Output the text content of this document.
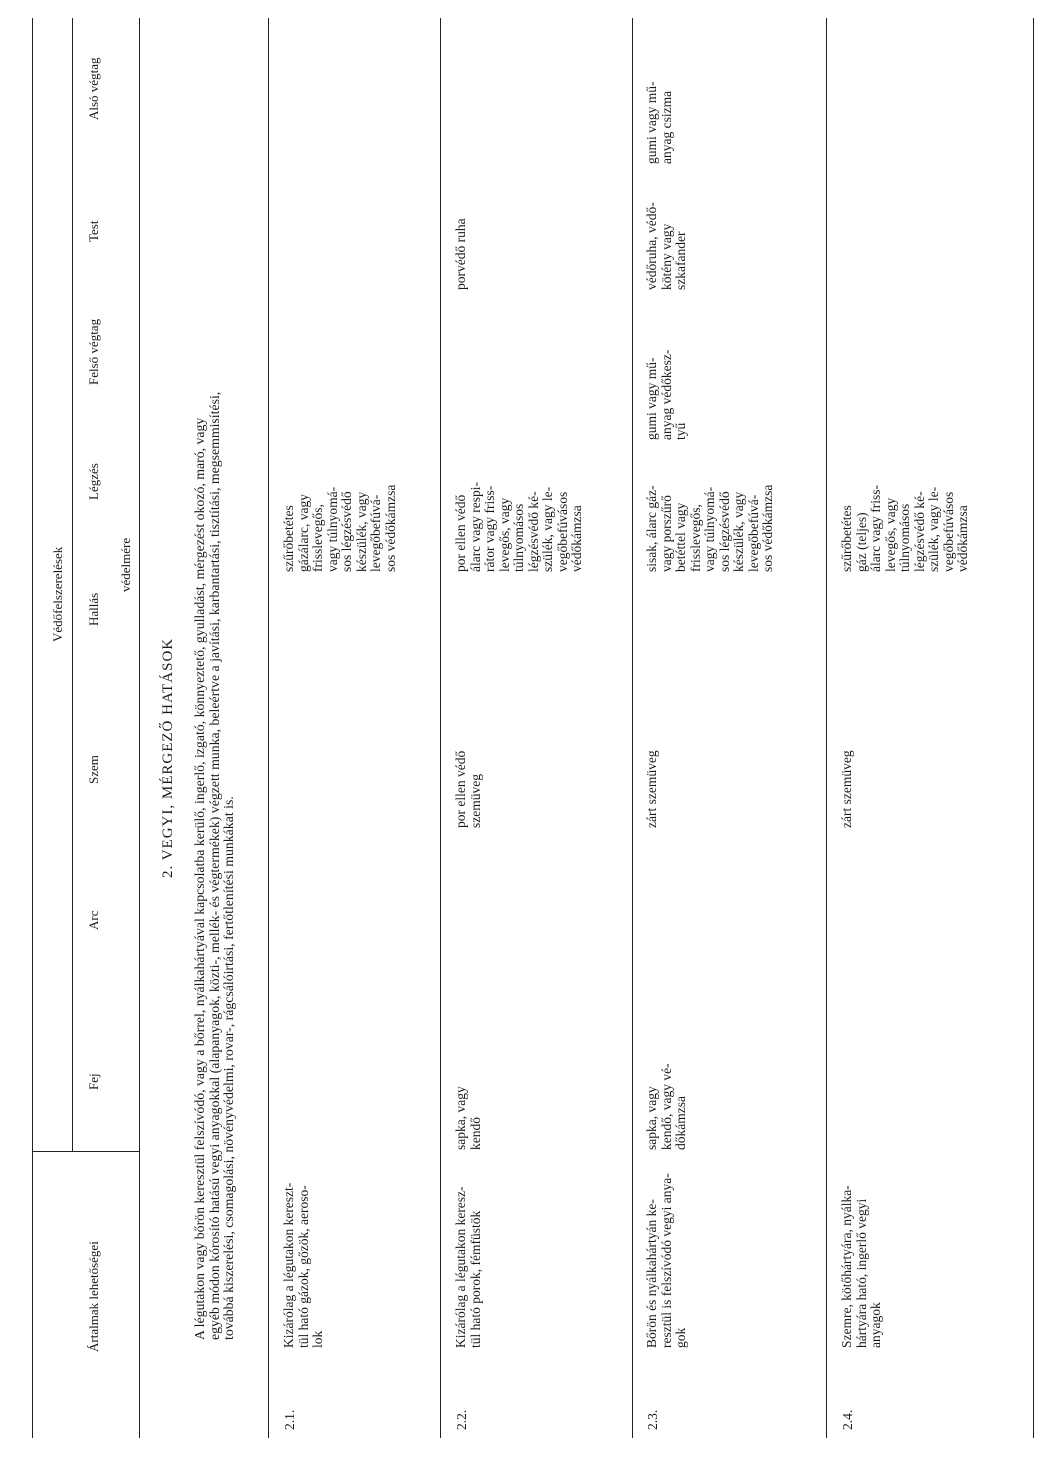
Ártalmak lehetőségei
Védőfelszerelések
Fej
Arc
Szem
Hallás
Légzés
Felső végtag
Test
Alsó végtag
védelmére
2. VEGYI, MÉRGEZŐ HATÁSOK A légutakon vagy bőrön keresztül felszívódó, vagy a bőrrel, nyálkahártyával kapcsolatba kerülő, ingerlő, izgató, könnyeztető, gyulladást, mérgezést okozó, maró, vagy egyéb módon kórosító hatású vegyi anyagokkal (alapanyagok, közti-, mellék- és végtermékek) végzett munka, beleértve a javítási, karbantartási, tisztítási, megsemmisítési, továbbá kiszerelési, csomagolási, növényvédelmi, rovar-, rágcsálóirtási, fertőtlenítési munkákat is.
2.1.
Kizárólag a légutakon kereszt- tül ható gázok, gőzök, aeroso- lok
szűrőbetétes gázálarc, vagy frisslevegős, vagy túlnyomá- sos légzésvédő készülék, vagy levegőbefúvá- sos védőkámzsa
2.2.
Kizárólag a légutakon keresz- tül ható porok, fémfüstök
sapka, vagy kendő
por ellen védő szemüveg
por ellen védő álarc vagy respi- rátor vagy friss- levegős, vagy túlnyomásos légzésvédő ké- szülék, vagy le- vegőbefúvásos védőkámzsa
porvédő ruha
2.3.
Bőrön és nyálkahártyán ke- resztül is felszívódó vegyi anya- gok
sapka, vagy kendő, vagy vé- dőkámzsa
zárt szemüveg
sisak, álarc gáz- vagy porszűrő betéttel vagy frisslevegős, vagy túlnyomá- sos légzésvédő készülék, vagy levegőbefúvá- sos védőkámzsa
gumi vagy mű- anyag védőkesz- tyű
védőruha, védő- kötény vagy szkafander
gumi vagy mű- anyag csizma
2.4.
Szemre, kötőhártyára, nyálka- hártyára ható, ingerlő vegyi anyagok
zárt szemüveg
szűrőbetétes gáz (teljes) álarc vagy friss- levegős, vagy túlnyomásos légzésvédő ké- szülék, vagy le- vegőbefúvásos védőkámzsa
